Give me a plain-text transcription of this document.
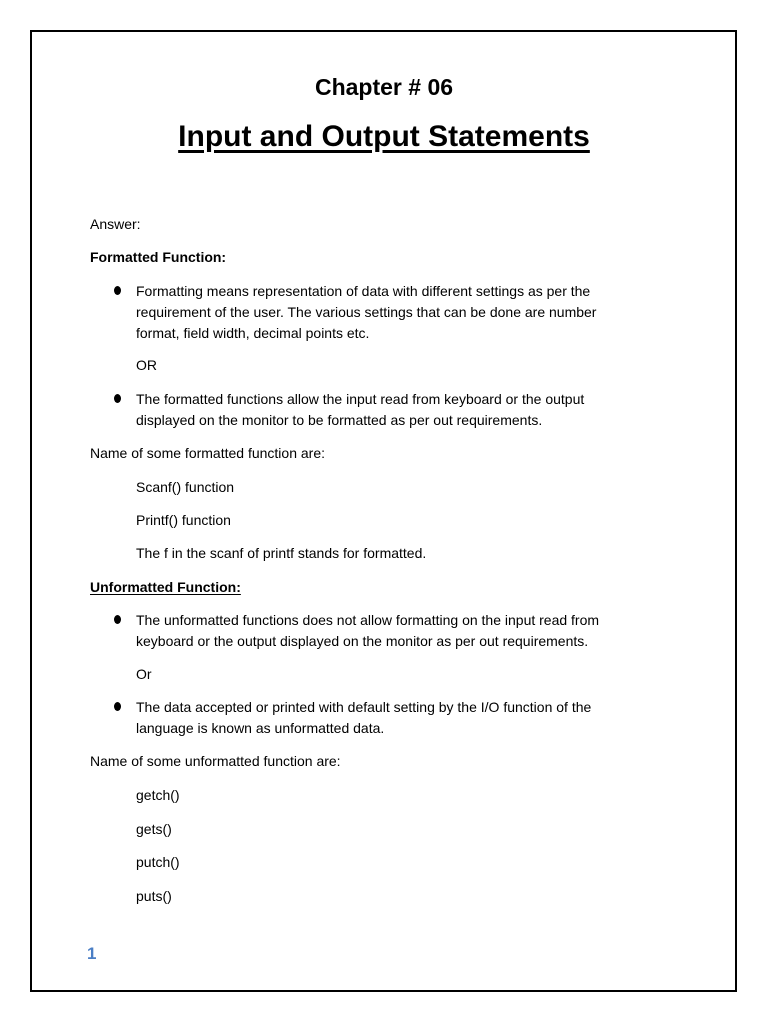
Chapter # 06
Input and Output Statements
Answer:
Formatted Function:
Formatting means representation of data with different settings as per the
requirement of the user. The various settings that can be done are number
format, field width, decimal points etc.
OR
The formatted functions allow the input read from keyboard or the output
displayed on the monitor to be formatted as per out requirements.
Name of some formatted function are:
Scanf() function
Printf() function
The f in the scanf of printf stands for formatted.
Unformatted Function:
The unformatted functions does not allow formatting on the input read from
keyboard or the output displayed on the monitor as per out requirements.
Or
The data accepted or printed with default setting by the I/O function of the
language is known as unformatted data.
Name of some unformatted function are:
getch()
gets()
putch()
puts()
1
